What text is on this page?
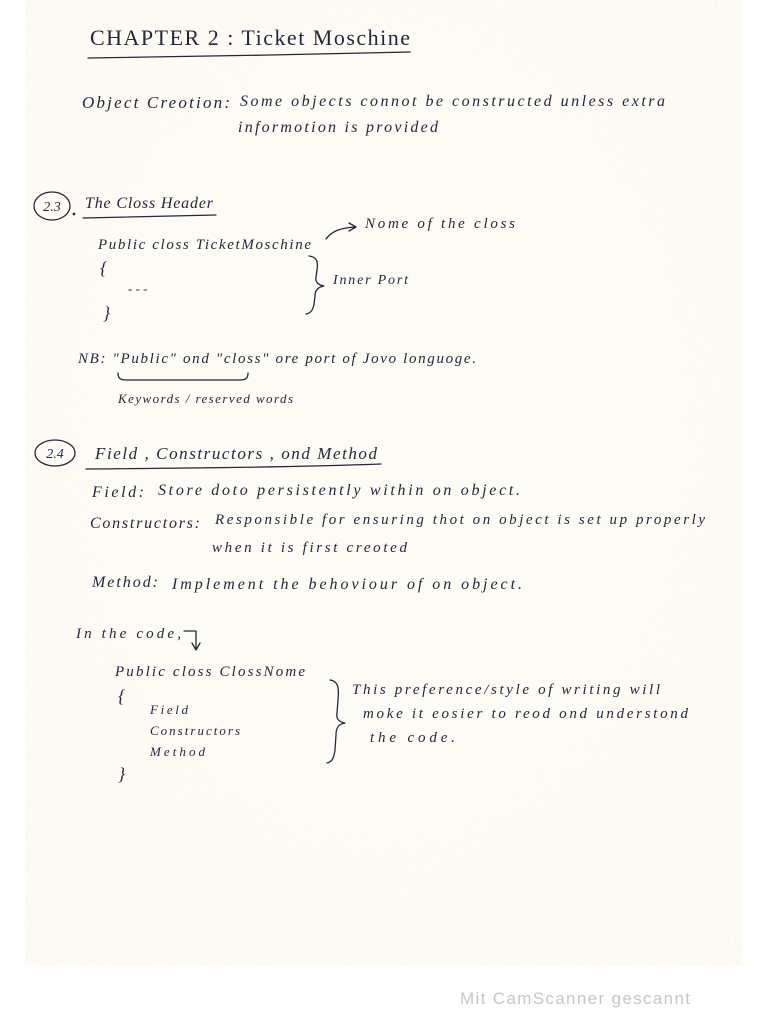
CHAPTER 2 : Ticket Moschine
Object Creotion: Some objects connot be constructed unless extra
informotion is provided
2.3 The Closs Header
Public closs TicketMoschine
Nome of the closs
{
- - -
}
Inner Port
NB: "Public" ond "closs" ore port of Jovo longuoge.
Keywords / reserved words
2.4 Field , Constructors , ond Method
Field: Store doto persistently within on object.
Constructors: Responsible for ensuring thot on object is set up properly
when it is first creoted
Method: Implement the behoviour of on object.
In the code,
Public closs ClossNome
{
Field
Constructors
Method
}
This preference/style of writing will
moke it eosier to reod ond understond
the code.
Mit CamScanner gescannt
